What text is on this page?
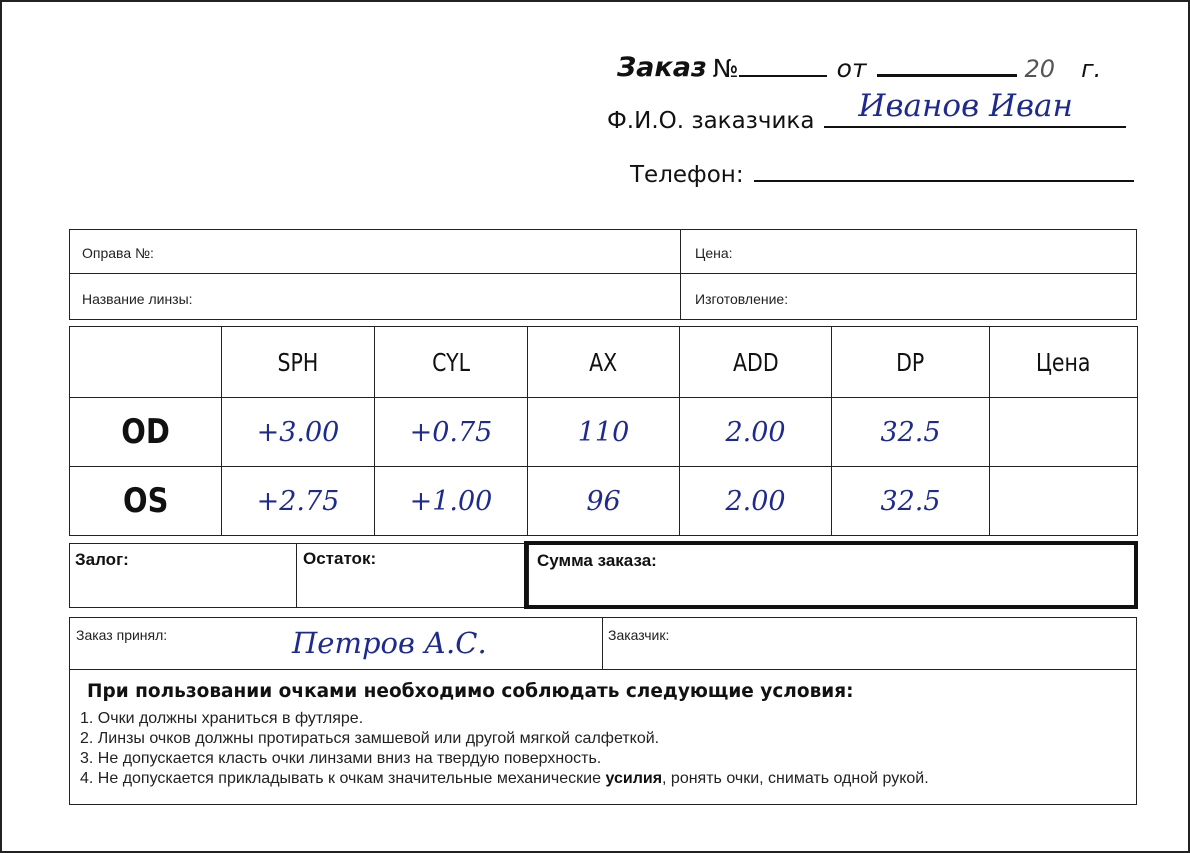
Заказ №	от	20 г.
Ф.И.О. заказчика Иванов Иван
Телефон:
Оправа №:	Цена:
Название линзы:	Изготовление:
	SPH	CYL	AX	ADD	DP	Цена
OD	+3.00	+0.75	110	2.00	32.5	
OS	+2.75	+1.00	96	2.00	32.5	
Залог:	Остаток:	Сумма заказа:
Заказ принял:	Петров А.С.	Заказчик:
При пользовании очками необходимо соблюдать следующие условия:
1. Очки должны храниться в футляре.
2. Линзы очков должны протираться замшевой или другой мягкой салфеткой.
3. Не допускается класть очки линзами вниз на твердую поверхность.
4. Не допускается прикладывать к очкам значительные механические усилия, ронять очки, снимать одной рукой.
